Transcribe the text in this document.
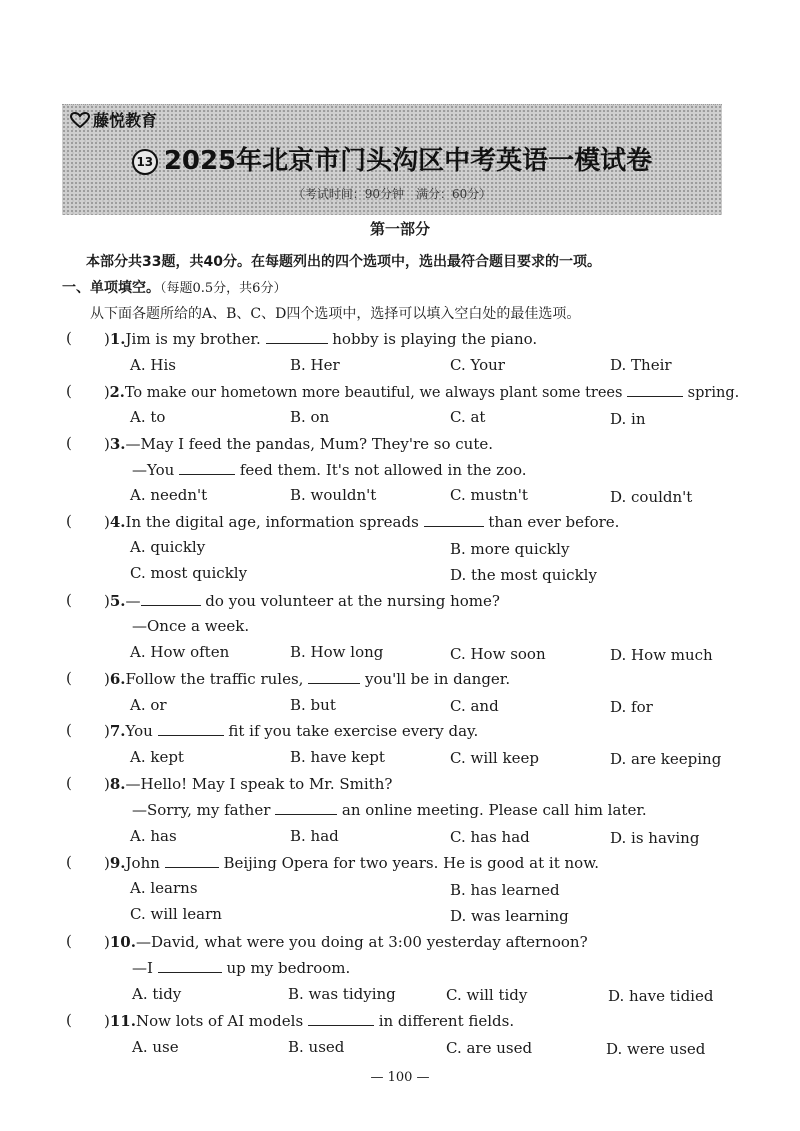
藤悦教育
13 2025年北京市门头沟区中考英语一模试卷
（考试时间：90分钟　满分：60分）
第一部分
本部分共33题，共40分。在每题列出的四个选项中，选出最符合题目要求的一项。
一、单项填空。（每题0.5分，共6分）
从下面各题所给的A、B、C、D四个选项中，选择可以填入空白处的最佳选项。
( )1.Jim is my brother.	hobby is playing the piano.
A. His	B. Her	C. Your	D. Their
( )2.To make our hometown more beautiful, we always plant some trees	spring.
A. to	B. on	C. at	D. in
( )3.—May I feed the pandas, Mum? They're so cute.
—You	feed them. It's not allowed in the zoo.
A. needn't	B. wouldn't	C. mustn't	D. couldn't
( )4.In the digital age, information spreads	than ever before.
A. quickly	B. more quickly
C. most quickly	D. the most quickly
( )5.—	do you volunteer at the nursing home?
—Once a week.
A. How often	B. How long	C. How soon	D. How much
( )6.Follow the traffic rules,	you'll be in danger.
A. or	B. but	C. and	D. for
( )7.You	fit if you take exercise every day.
A. kept	B. have kept	C. will keep	D. are keeping
( )8.—Hello! May I speak to Mr. Smith?
—Sorry, my father	an online meeting. Please call him later.
A. has	B. had	C. has had	D. is having
( )9.John	Beijing Opera for two years. He is good at it now.
A. learns	B. has learned
C. will learn	D. was learning
( )10.—David, what were you doing at 3:00 yesterday afternoon?
—I	up my bedroom.
A. tidy	B. was tidying	C. will tidy	D. have tidied
( )11.Now lots of AI models	in different fields.
A. use	B. used	C. are used	D. were used
— 100 —
